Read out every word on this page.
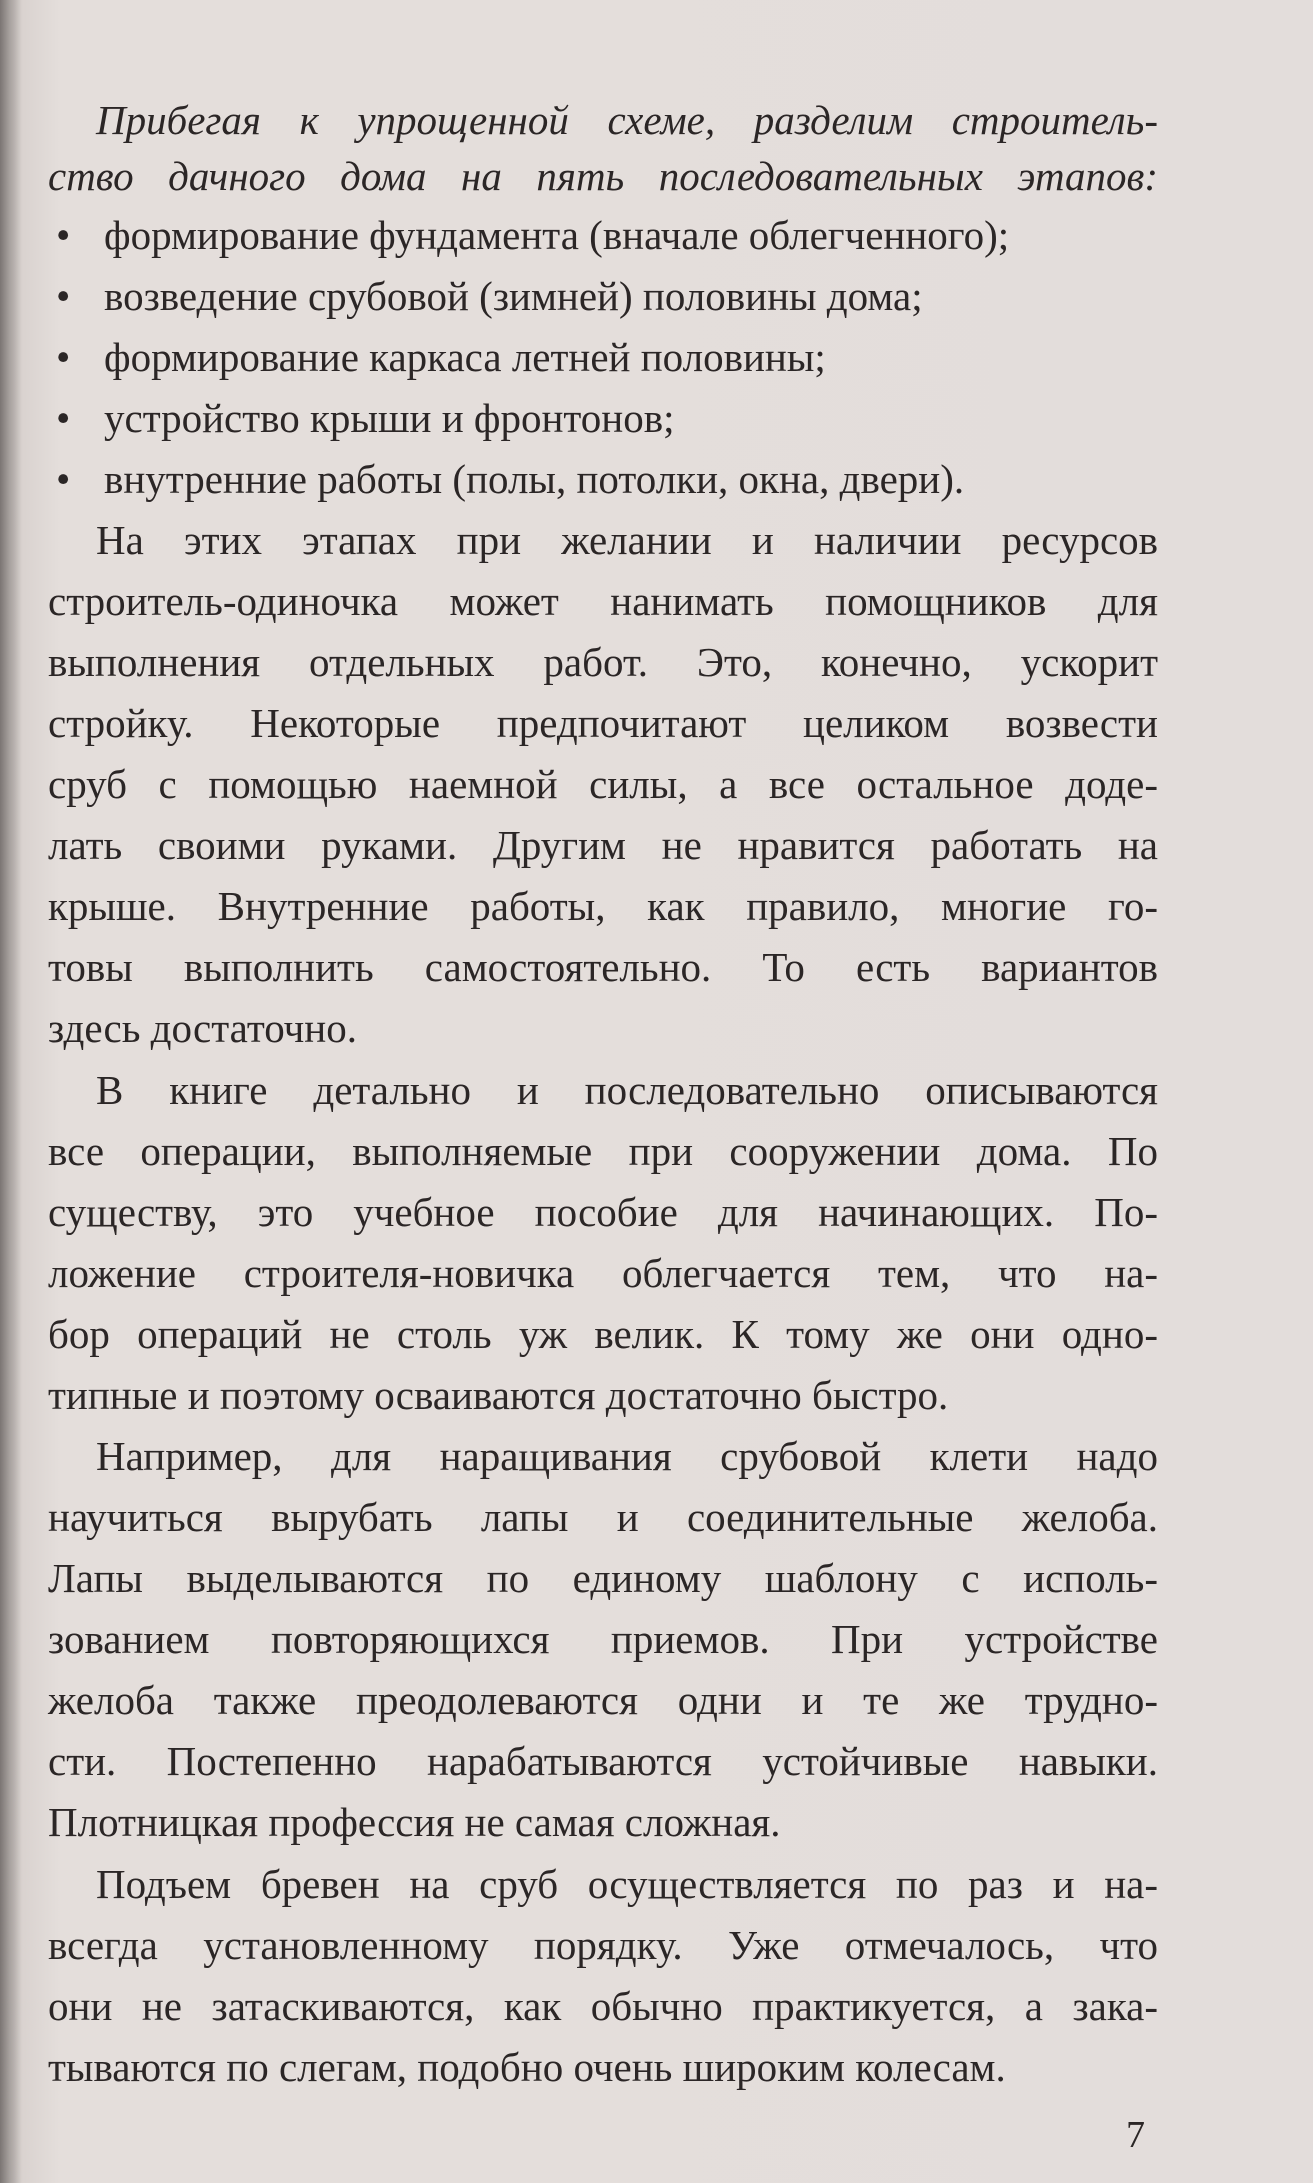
Прибегая к упрощенной схеме, разделим строитель-
ство дачного дома на пять последовательных этапов:
• формирование фундамента (вначале облегченного);
• возведение срубовой (зимней) половины дома;
• формирование каркаса летней половины;
• устройство крыши и фронтонов;
• внутренние работы (полы, потолки, окна, двери).
На этих этапах при желании и наличии ресурсов
строитель-одиночка может нанимать помощников для
выполнения отдельных работ. Это, конечно, ускорит
стройку. Некоторые предпочитают целиком возвести
сруб с помощью наемной силы, а все остальное доде-
лать своими руками. Другим не нравится работать на
крыше. Внутренние работы, как правило, многие го-
товы выполнить самостоятельно. То есть вариантов
здесь достаточно.
В книге детально и последовательно описываются
все операции, выполняемые при сооружении дома. По
существу, это учебное пособие для начинающих. По-
ложение строителя-новичка облегчается тем, что на-
бор операций не столь уж велик. К тому же они одно-
типные и поэтому осваиваются достаточно быстро.
Например, для наращивания срубовой клети надо
научиться вырубать лапы и соединительные желоба.
Лапы выделываются по единому шаблону с исполь-
зованием повторяющихся приемов. При устройстве
желоба также преодолеваются одни и те же трудно-
сти. Постепенно нарабатываются устойчивые навыки.
Плотницкая профессия не самая сложная.
Подъем бревен на сруб осуществляется по раз и на-
всегда установленному порядку. Уже отмечалось, что
они не затаскиваются, как обычно практикуется, а зака-
тываются по слегам, подобно очень широким колесам.
7
